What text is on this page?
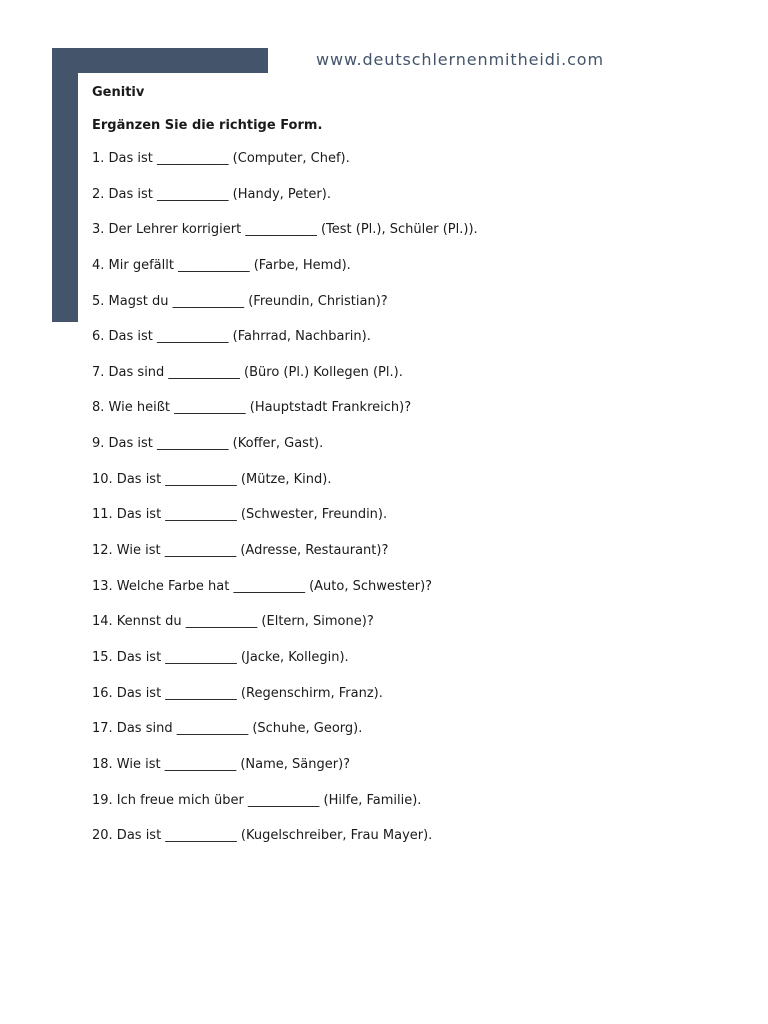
www.deutschlernenmitheidi.com
Genitiv
Ergänzen Sie die richtige Form.
1. Das ist ___________ (Computer, Chef).
2. Das ist ___________ (Handy, Peter).
3. Der Lehrer korrigiert ___________ (Test (Pl.), Schüler (Pl.)).
4. Mir gefällt ___________ (Farbe, Hemd).
5. Magst du ___________ (Freundin, Christian)?
6. Das ist ___________ (Fahrrad, Nachbarin).
7. Das sind ___________ (Büro (Pl.) Kollegen (Pl.).
8. Wie heißt ___________ (Hauptstadt Frankreich)?
9. Das ist ___________ (Koffer, Gast).
10. Das ist ___________ (Mütze, Kind).
11. Das ist ___________ (Schwester, Freundin).
12. Wie ist ___________ (Adresse, Restaurant)?
13. Welche Farbe hat ___________ (Auto, Schwester)?
14. Kennst du ___________ (Eltern, Simone)?
15. Das ist ___________ (Jacke, Kollegin).
16. Das ist ___________ (Regenschirm, Franz).
17. Das sind ___________ (Schuhe, Georg).
18. Wie ist ___________ (Name, Sänger)?
19. Ich freue mich über ___________ (Hilfe, Familie).
20. Das ist ___________ (Kugelschreiber, Frau Mayer).
